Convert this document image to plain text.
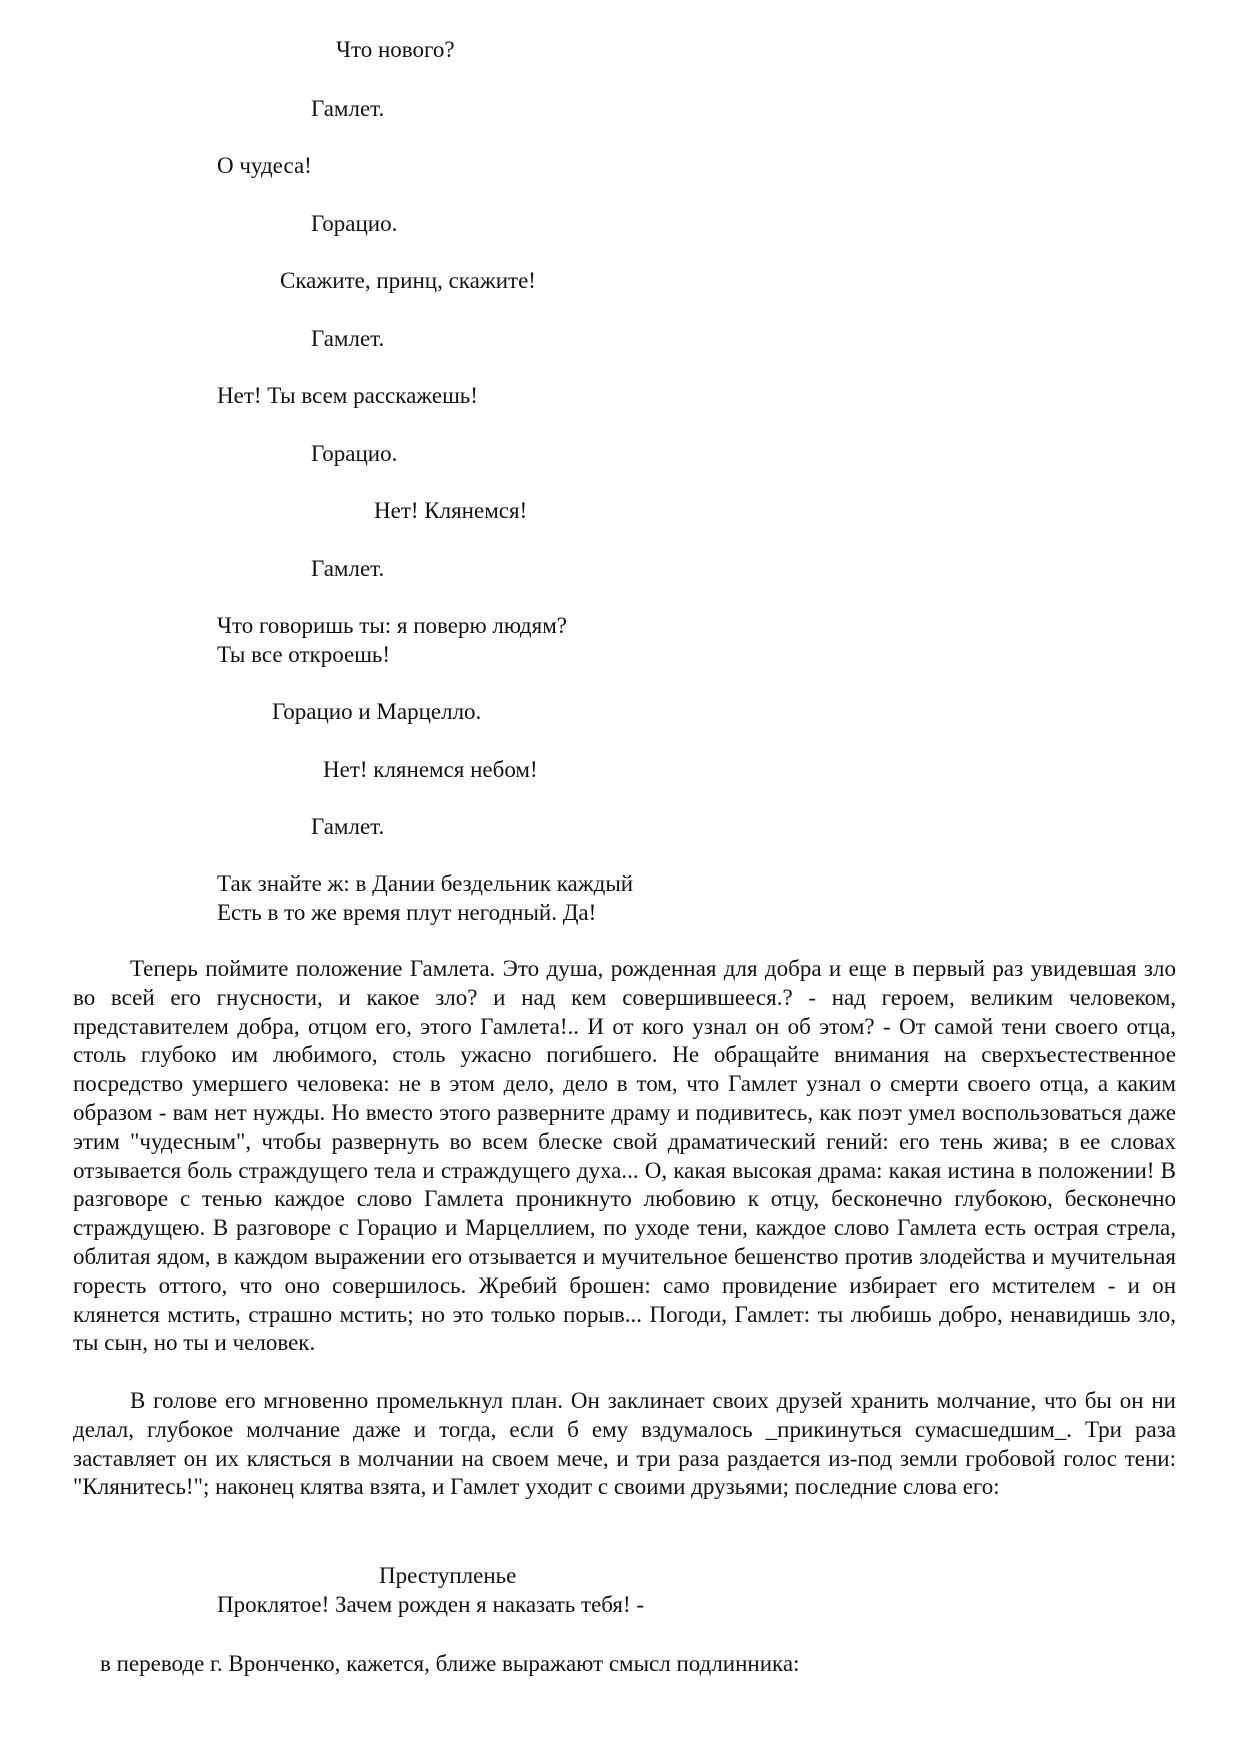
Что нового?

Гамлет.

О чудеса!

Горацио.

Скажите, принц, скажите!

Гамлет.

Нет! Ты всем расскажешь!

Горацио.

Нет! Клянемся!

Гамлет.

Что говоришь ты: я поверю людям?

Ты все откроешь!

Горацио и Марцелло.

Нет! клянемся небом!

Гамлет.

Так знайте ж: в Дании бездельник каждый

Есть в то же время плут негодный. Да!

Теперь поймите положение Гамлета. Это душа, рожденная для добра и еще в первый раз увидевшая зло во всей его гнусности, и какое зло? и над кем совершившееся.? - над героем, великим человеком, представителем добра, отцом его, этого Гамлета!.. И от кого узнал он об этом? - От самой тени своего отца, столь глубоко им любимого, столь ужасно погибшего. Не обращайте внимания на сверхъестественное посредство умершего человека: не в этом дело, дело в том, что Гамлет узнал о смерти своего отца, а каким образом - вам нет нужды. Но вместо этого разверните драму и подивитесь, как поэт умел воспользоваться даже этим "чудесным", чтобы развернуть во всем блеске свой драматический гений: его тень жива; в ее словах отзывается боль страждущего тела и страждущего духа... О, какая высокая драма: какая истина в положении! В разговоре с тенью каждое слово Гамлета проникнуто любовию к отцу, бесконечно глубокою, бесконечно страждущею. В разговоре с Горацио и Марцеллием, по уходе тени, каждое слово Гамлета есть острая стрела, облитая ядом, в каждом выражении его отзывается и мучительное бешенство против злодейства и мучительная горесть оттого, что оно совершилось. Жребий брошен: само провидение избирает его мстителем - и он клянется мстить, страшно мстить; но это только порыв... Погоди, Гамлет: ты любишь добро, ненавидишь зло, ты сын, но ты и человек.

В голове его мгновенно промелькнул план. Он заклинает своих друзей хранить молчание, что бы он ни делал, глубокое молчание даже и тогда, если б ему вздумалось _прикинуться сумасшедшим_. Три раза заставляет он их клясться в молчании на своем мече, и три раза раздается из-под земли гробовой голос тени: "Клянитесь!"; наконец клятва взята, и Гамлет уходит с своими друзьями; последние слова его:

Преступленье

Проклятое! Зачем рожден я наказать тебя! -

в переводе г. Вронченко, кажется, ближе выражают смысл подлинника:
